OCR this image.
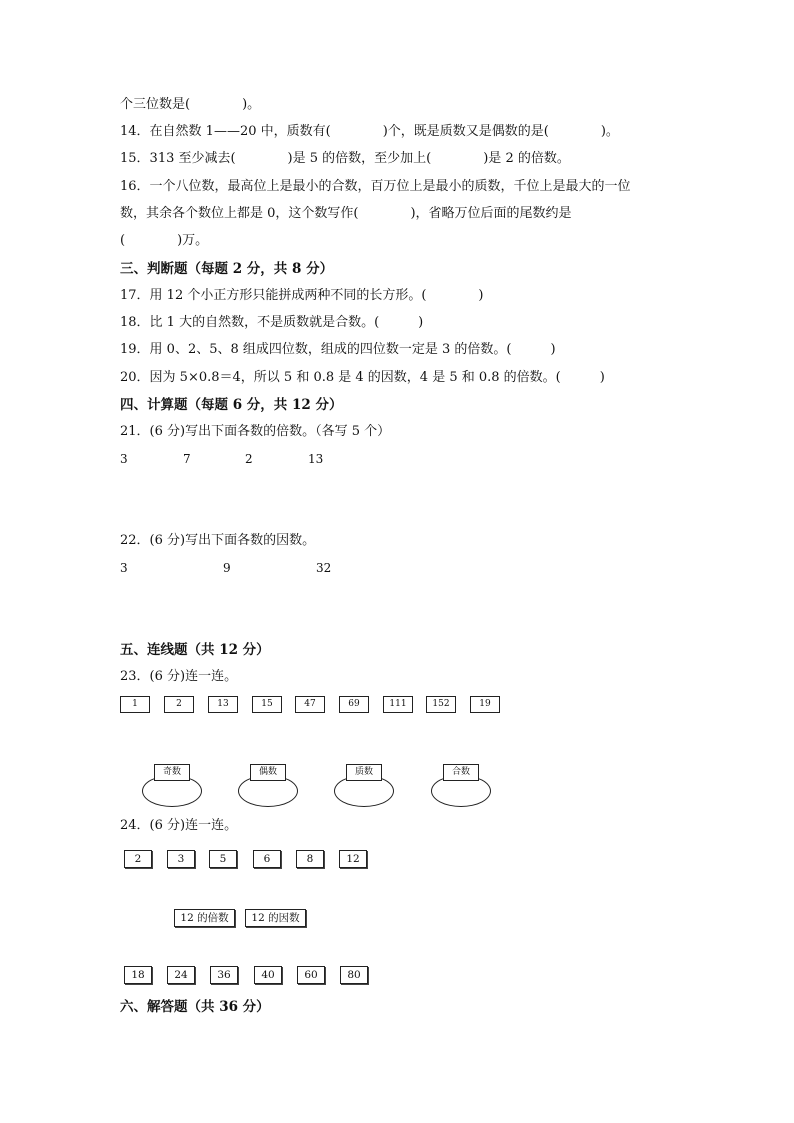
个三位数是(　　　　)。
14．在自然数 1——20 中，质数有(　　　　)个，既是质数又是偶数的是(　　　　)。
15．313 至少减去(　　　　)是 5 的倍数，至少加上(　　　　)是 2 的倍数。
16．一个八位数，最高位上是最小的合数，百万位上是最小的质数，千位上是最大的一位
数，其余各个数位上都是 0，这个数写作(　　　　)，省略万位后面的尾数约是
(　　　　)万。
三、判断题（每题 2 分，共 8 分）
17．用 12 个小正方形只能拼成两种不同的长方形。(　　　　)
18．比 1 大的自然数，不是质数就是合数。(　　　)
19．用 0、2、5、8 组成四位数，组成的四位数一定是 3 的倍数。(　　　)
20．因为 5×0.8＝4，所以 5 和 0.8 是 4 的因数，4 是 5 和 0.8 的倍数。(　　　)
四、计算题（每题 6 分，共 12 分）
21．(6 分)写出下面各数的倍数。（各写 5 个）
3	7	2	13
22．(6 分)写出下面各数的因数。
3	9	32
五、连线题（共 12 分）
23．(6 分)连一连。
1	2	13	15	47	69	111	152	19
奇数	偶数	质数	合数
24．(6 分)连一连。
2	3	5	6	8	12
12 的倍数	12 的因数
18	24	36	40	60	80
六、解答题（共 36 分）
